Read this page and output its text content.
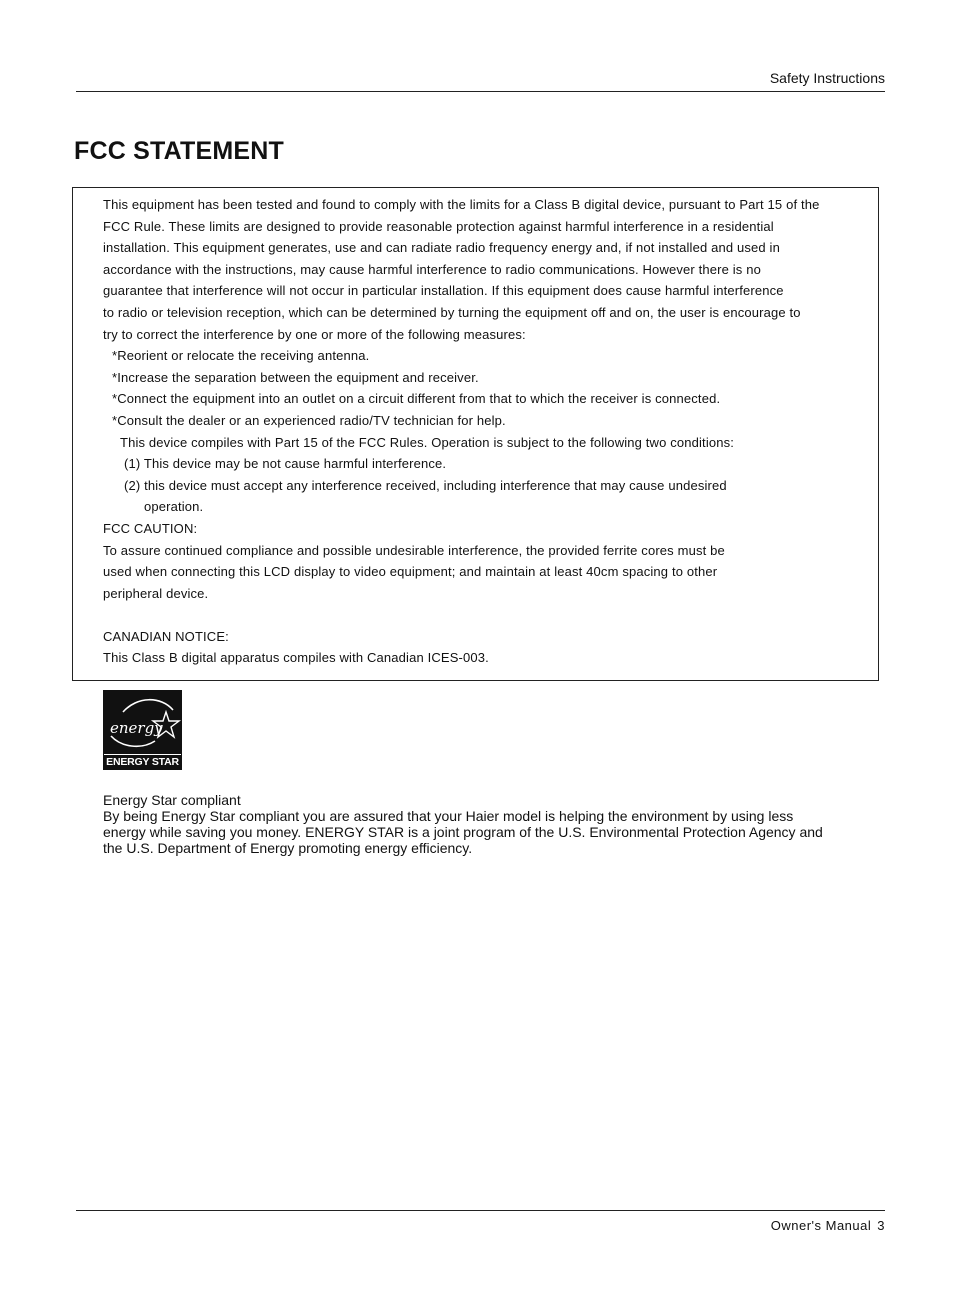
Safety Instructions
FCC STATEMENT
This equipment has been tested and found to comply with the limits for a Class B digital device, pursuant to Part 15 of the
FCC Rule. These limits are designed to provide reasonable protection against harmful interference in a residential
installation. This equipment generates, use and can radiate radio frequency energy and, if not installed and used in
accordance with the instructions, may cause harmful interference to radio communications. However there is no
guarantee that interference will not occur in particular installation. If this equipment does cause harmful interference
to radio or television reception, which can be determined by turning the equipment off and on, the user is encourage to
try to correct the interference by one or more of the following measures:
*Reorient or relocate the receiving antenna.
*Increase the separation between the equipment and receiver.
*Connect the equipment into an outlet on a circuit different from that to which the receiver is connected.
*Consult the dealer or an experienced radio/TV technician for help.
This device compiles with Part 15 of the FCC Rules. Operation is subject to the following two conditions:
(1) This device may be not cause harmful interference.
(2) this device must accept any interference received, including interference that may cause undesired
operation.
FCC CAUTION:
To assure continued compliance and possible undesirable interference, the provided ferrite cores must be
used when connecting this LCD display to video equipment; and maintain at least 40cm spacing to other
peripheral device.
CANADIAN NOTICE:
This Class B digital apparatus compiles with Canadian ICES-003.
energy
ENERGY STAR
Energy Star compliant
By being Energy Star compliant you are assured that your Haier model is helping the environment by using less
energy while saving you money. ENERGY STAR is a joint program of the U.S. Environmental Protection Agency and
the U.S. Department of Energy promoting energy efficiency.
Owner's Manual 3
